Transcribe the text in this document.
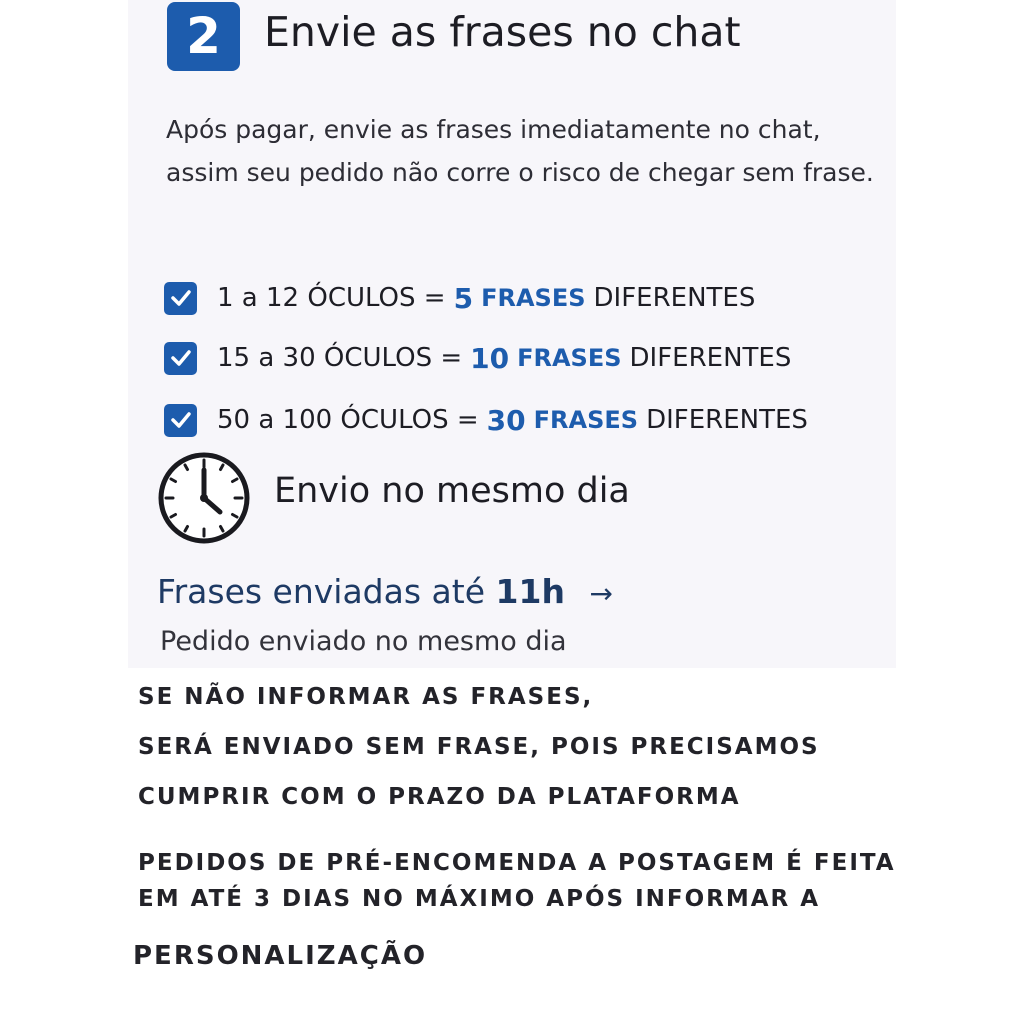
2	Envie as frases no chat
Após pagar, envie as frases imediatamente no chat, assim seu pedido não corre o risco de chegar sem frase.
1 a 12 ÓCULOS = 5 FRASES DIFERENTES
15 a 30 ÓCULOS = 10 FRASES DIFERENTES
50 a 100 ÓCULOS = 30 FRASES DIFERENTES
Envio no mesmo dia
Frases enviadas até 11h →
Pedido enviado no mesmo dia
SE NÃO INFORMAR AS FRASES,
SERÁ ENVIADO SEM FRASE, POIS PRECISAMOS
CUMPRIR COM O PRAZO DA PLATAFORMA
PEDIDOS DE PRÉ-ENCOMENDA A POSTAGEM É FEITA
EM ATÉ 3 DIAS NO MÁXIMO APÓS INFORMAR A
PERSONALIZAÇÃO
